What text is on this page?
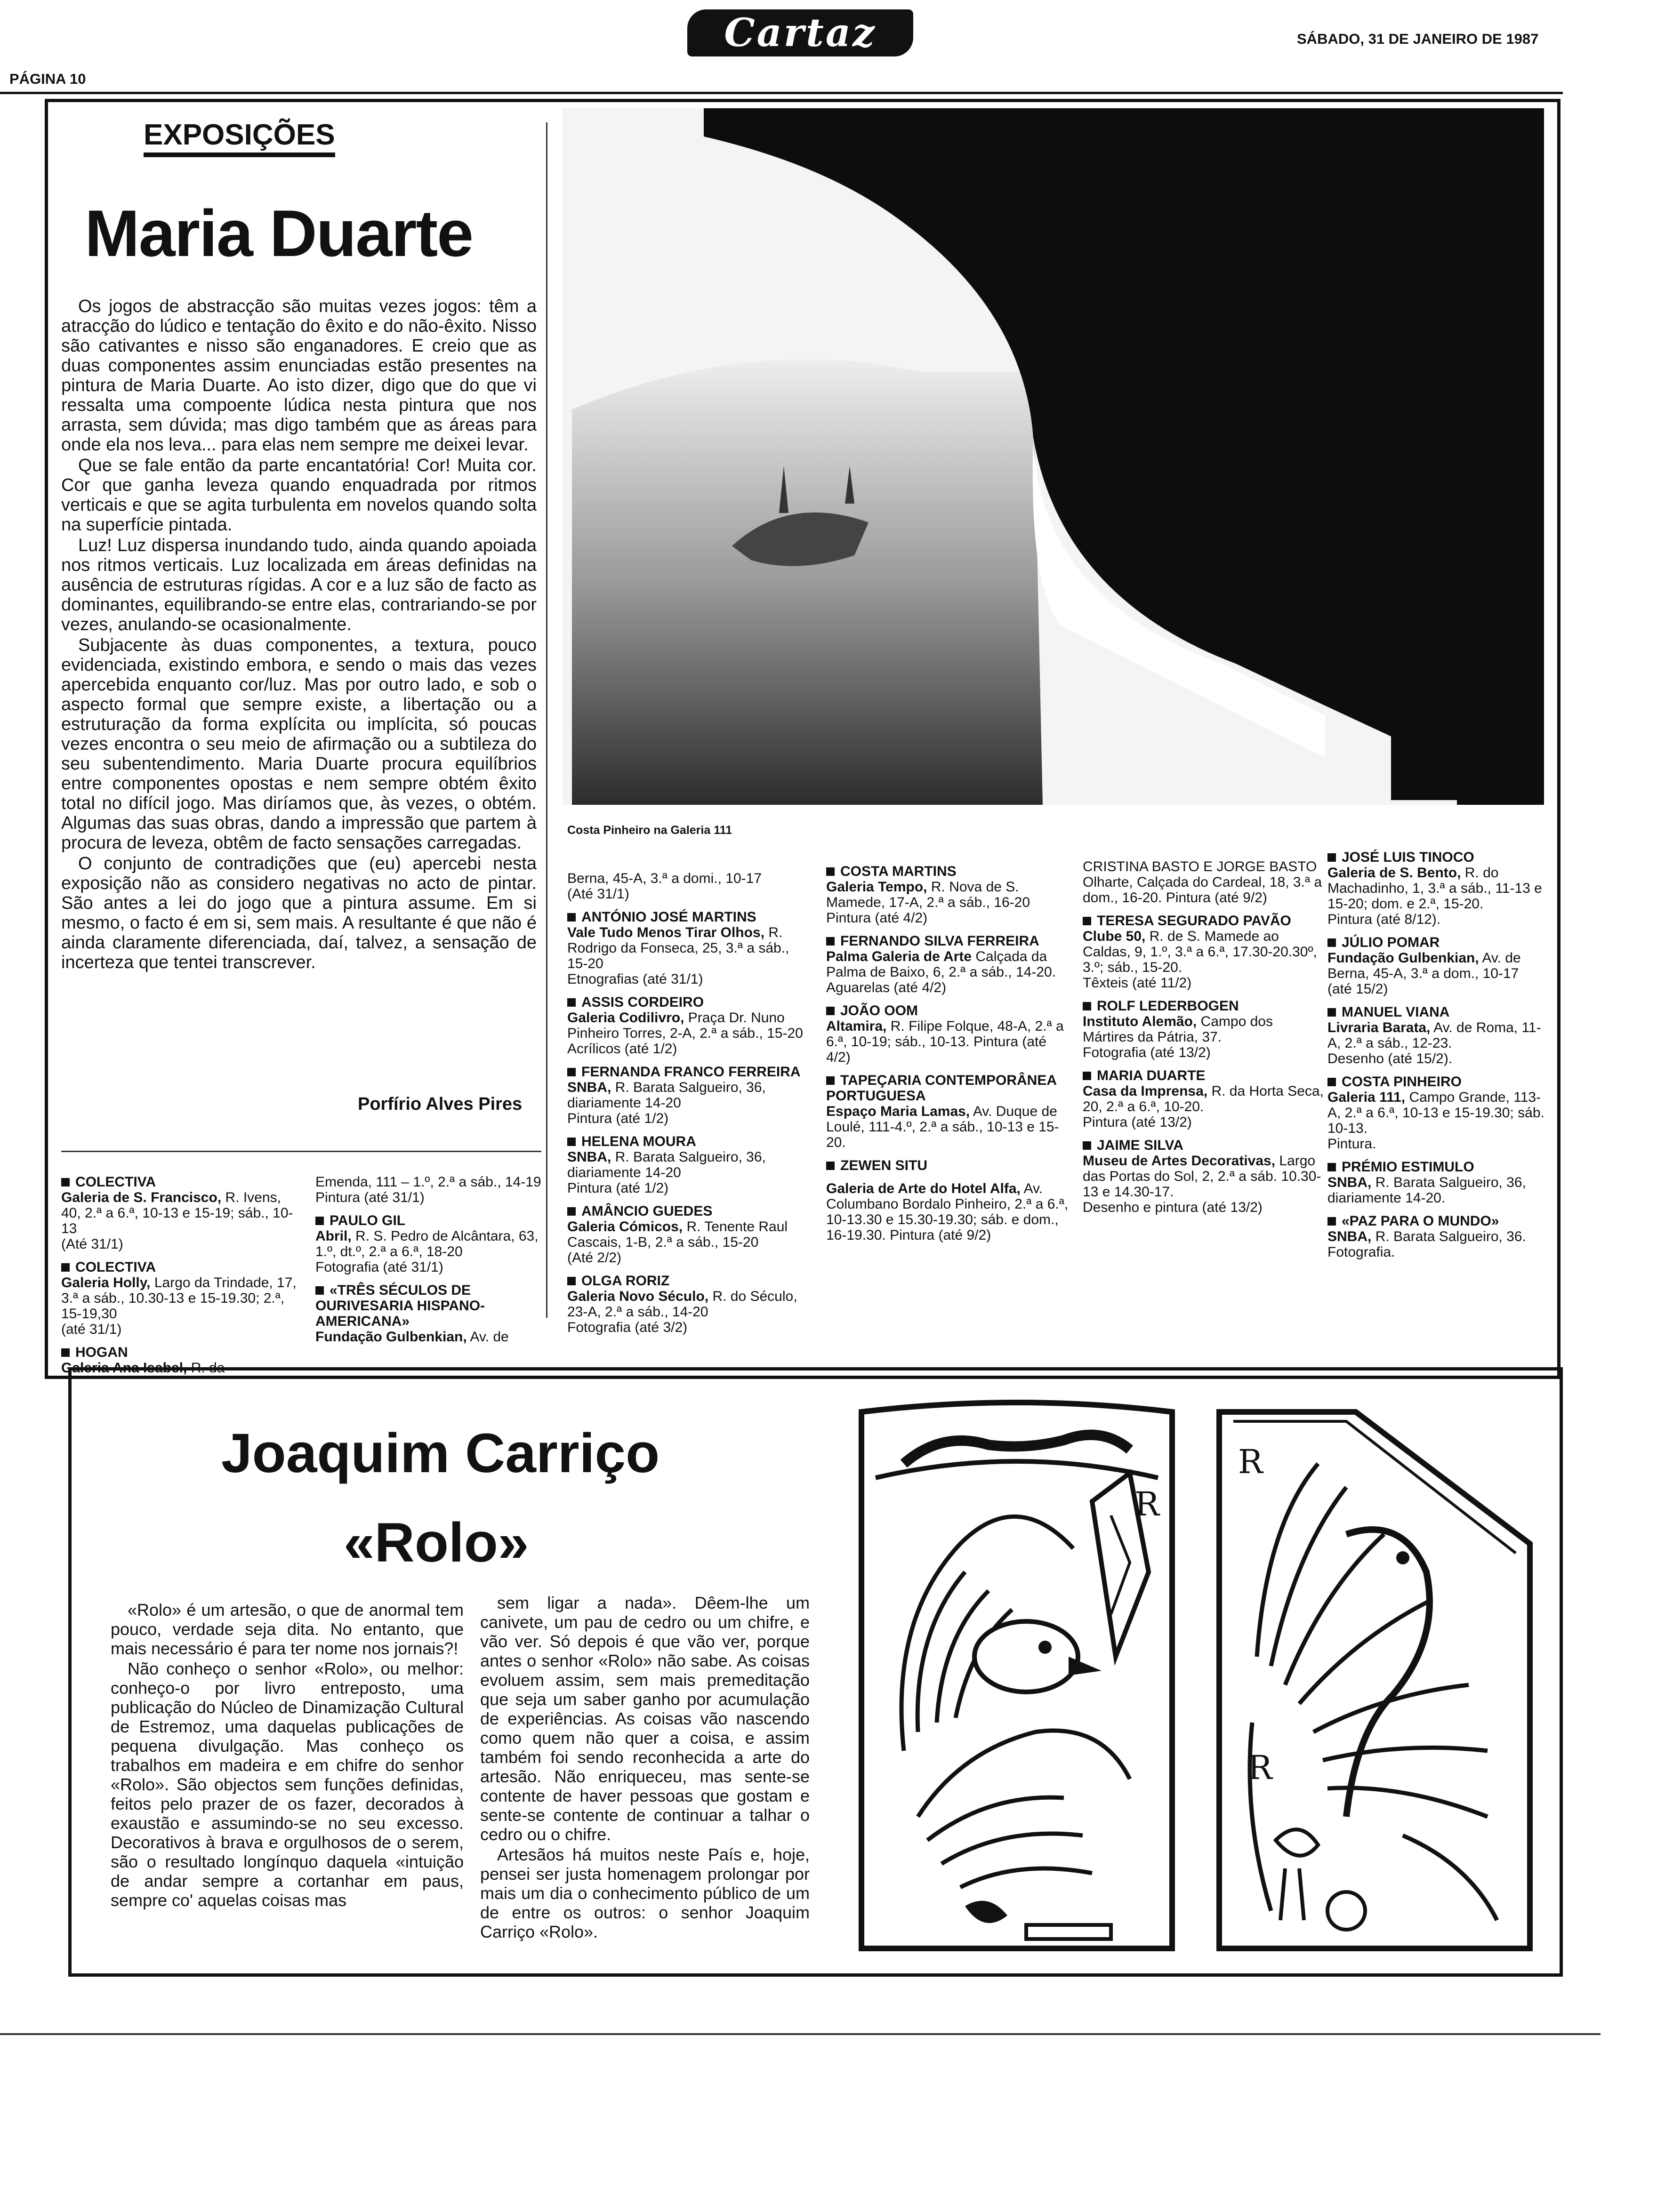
PÁGINA 10
Cartaz	SÁBADO, 31 DE JANEIRO DE 1987
EXPOSIÇÕES
Maria Duarte

Os jogos de abstracção são muitas vezes jogos: têm a atracção do lúdico e tentação do êxito e do não-êxito. Nisso são cativantes e nisso são enganadores. E creio que as duas componentes assim enunciadas estão presentes na pintura de Maria Duarte. Ao isto dizer, digo que do que vi ressalta uma compoente lúdica nesta pintura que nos arrasta, sem dúvida; mas digo também que as áreas para onde ela nos leva... para elas nem sempre me deixei levar.

Que se fale então da parte encantatória! Cor! Muita cor. Cor que ganha leveza quando enquadrada por ritmos verticais e que se agita turbulenta em novelos quando solta na superfície pintada.

Luz! Luz dispersa inundando tudo, ainda quando apoiada nos ritmos verticais. Luz localizada em áreas definidas na ausência de estruturas rígidas. A cor e a luz são de facto as dominantes, equilibrando-se entre elas, contrariando-se por vezes, anulando-se ocasionalmente.

Subjacente às duas componentes, a textura, pouco evidenciada, existindo embora, e sendo o mais das vezes apercebida enquanto cor/luz. Mas por outro lado, e sob o aspecto formal que sempre existe, a libertação ou a estruturação da forma explícita ou implícita, só poucas vezes encontra o seu meio de afirmação ou a subtileza do seu subentendimento. Maria Duarte procura equilíbrios entre componentes opostas e nem sempre obtém êxito total no difícil jogo. Mas diríamos que, às vezes, o obtém. Algumas das suas obras, dando a impressão que partem à procura de leveza, obtêm de facto sensações carregadas.

O conjunto de contradições que (eu) apercebi nesta exposição não as considero negativas no acto de pintar. São antes a lei do jogo que a pintura assume. Em si mesmo, o facto é em si, sem mais. A resultante é que não é ainda claramente diferenciada, daí, talvez, a sensação de incerteza que tentei transcrever.

Porfírio Alves Pires
Costa Pinheiro na Galeria 111
COLECTIVA
Galeria de S. Francisco, R. Ivens, 40, 2.ª a 6.ª, 10-13 e 15-19; sáb., 10-13
(Até 31/1)
COLECTIVA
Galeria Holly, Largo da Trindade, 17, 3.ª a sáb., 10.30-13 e 15-19.30; 2.ª, 15-19,30
(até 31/1)
HOGAN
Galeria Ana Isabel, R. da
Emenda, 111 – 1.º, 2.ª a sáb., 14-19
Pintura (até 31/1)
PAULO GIL
Abril, R. S. Pedro de Alcântara, 63, 1.º, dt.º, 2.ª a 6.ª, 18-20
Fotografia (até 31/1)
«TRÊS SÉCULOS DE OURIVESARIA HISPANO-AMERICANA»
Fundação Gulbenkian, Av. de
Berna, 45-A, 3.ª a domi., 10-17
(Até 31/1)
ANTÓNIO JOSÉ MARTINS
Vale Tudo Menos Tirar Olhos, R. Rodrigo da Fonseca, 25, 3.ª a sáb., 15-20
Etnografias (até 31/1)
ASSIS CORDEIRO
Galeria Codilivro, Praça Dr. Nuno Pinheiro Torres, 2-A, 2.ª a sáb., 15-20
Acrílicos (até 1/2)
FERNANDA FRANCO FERREIRA
SNBA, R. Barata Salgueiro, 36, diariamente 14-20
Pintura (até 1/2)
HELENA MOURA
SNBA, R. Barata Salgueiro, 36, diariamente 14-20
Pintura (até 1/2)
AMÂNCIO GUEDES
Galeria Cómicos, R. Tenente Raul Cascais, 1-B, 2.ª a sáb., 15-20
(Até 2/2)
OLGA RORIZ
Galeria Novo Século, R. do Século, 23-A, 2.ª a sáb., 14-20
Fotografia (até 3/2)
COSTA MARTINS
Galeria Tempo, R. Nova de S. Mamede, 17-A, 2.ª a sáb., 16-20
Pintura (até 4/2)
FERNANDO SILVA FERREIRA
Palma Galeria de Arte Calçada da Palma de Baixo, 6, 2.ª a sáb., 14-20. Aguarelas (até 4/2)
JOÃO OOM
Altamira, R. Filipe Folque, 48-A, 2.ª a 6.ª, 10-19; sáb., 10-13. Pintura (até 4/2)
TAPEÇARIA CONTEMPORÂNEA PORTUGUESA
Espaço Maria Lamas, Av. Duque de Loulé, 111-4.º, 2.ª a sáb., 10-13 e 15-20.
ZEWEN SITU
Galeria de Arte do Hotel Alfa, Av. Columbano Bordalo Pinheiro, 2.ª a 6.ª, 10-13.30 e 15.30-19.30; sáb. e dom., 16-19.30. Pintura (até 9/2)
CRISTINA BASTO E JORGE BASTO Olharte, Calçada do Cardeal, 18, 3.ª a dom., 16-20. Pintura (até 9/2)
TERESA SEGURADO PAVÃO
Clube 50, R. de S. Mamede ao Caldas, 9, 1.º, 3.ª a 6.ª, 17.30-20.30º, 3.º; sáb., 15-20.
Têxteis (até 11/2)
ROLF LEDERBOGEN
Instituto Alemão, Campo dos Mártires da Pátria, 37.
Fotografia (até 13/2)
MARIA DUARTE
Casa da Imprensa, R. da Horta Seca, 20, 2.ª a 6.ª, 10-20.
Pintura (até 13/2)
JAIME SILVA
Museu de Artes Decorativas, Largo das Portas do Sol, 2, 2.ª a sáb. 10.30-13 e 14.30-17.
Desenho e pintura (até 13/2)
JOSÉ LUIS TINOCO
Galeria de S. Bento, R. do Machadinho, 1, 3.ª a sáb., 11-13 e 15-20; dom. e 2.ª, 15-20.
Pintura (até 8/12).
JÚLIO POMAR
Fundação Gulbenkian, Av. de Berna, 45-A, 3.ª a dom., 10-17
(até 15/2)
MANUEL VIANA
Livraria Barata, Av. de Roma, 11-A, 2.ª a sáb., 12-23.
Desenho (até 15/2).
COSTA PINHEIRO
Galeria 111, Campo Grande, 113-A, 2.ª a 6.ª, 10-13 e 15-19.30; sáb. 10-13.
Pintura.
PRÉMIO ESTIMULO
SNBA, R. Barata Salgueiro, 36, diariamente 14-20.
«PAZ PARA O MUNDO»
SNBA, R. Barata Salgueiro, 36.
Fotografia.
Joaquim Carriço
«Rolo»

«Rolo» é um artesão, o que de anormal tem pouco, verdade seja dita. No entanto, que mais necessário é para ter nome nos jornais?!

Não conheço o senhor «Rolo», ou melhor: conheço-o por livro entreposto, uma publicação do Núcleo de Dinamização Cultural de Estremoz, uma daquelas publicações de pequena divulgação. Mas conheço os trabalhos em madeira e em chifre do senhor «Rolo». São objectos sem funções definidas, feitos pelo prazer de os fazer, decorados à exaustão e assumindo-se no seu excesso. Decorativos à brava e orgulhosos de o serem, são o resultado longínquo daquela «intuição de andar sempre a cortanhar em paus, sempre co' aquelas coisas mas

sem ligar a nada». Dêem-lhe um canivete, um pau de cedro ou um chifre, e vão ver. Só depois é que vão ver, porque antes o senhor «Rolo» não sabe. As coisas evoluem assim, sem mais premeditação que seja um saber ganho por acumulação de experiências. As coisas vão nascendo como quem não quer a coisa, e assim também foi sendo reconhecida a arte do artesão. Não enriqueceu, mas sente-se contente de haver pessoas que gostam e sente-se contente de continuar a talhar o cedro ou o chifre.

Artesãos há muitos neste País e, hoje, pensei ser justa homenagem prolongar por mais um dia o conhecimento público de um de entre os outros: o senhor Joaquim Carriço «Rolo».

R
R
R
